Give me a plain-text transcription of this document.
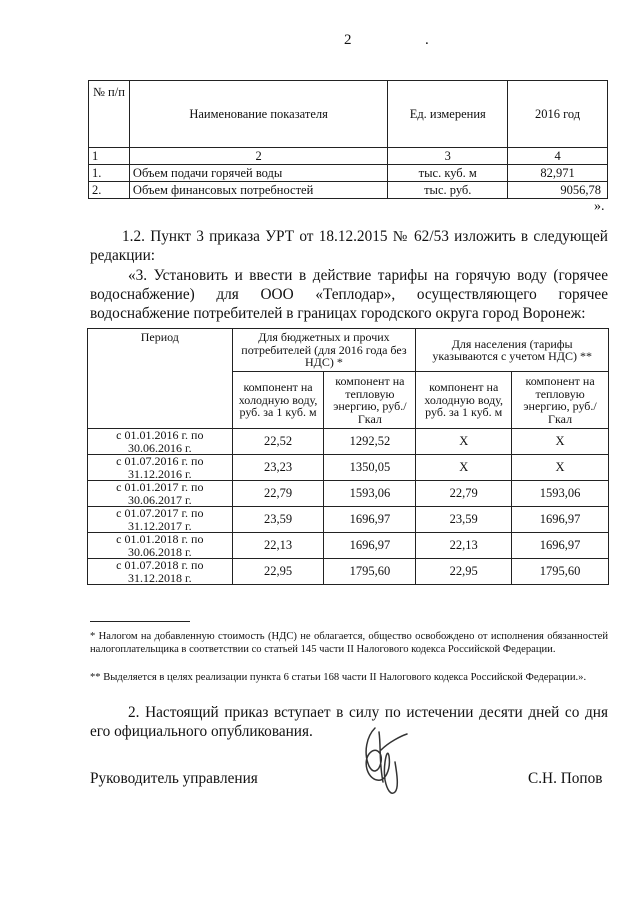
2	.
№ п/п	Наименование показателя	Ед. измерения	2016 год
1	2	3	4
1.	Объем подачи горячей воды	тыс. куб. м	82,971
2.	Объем финансовых потребностей	тыс. руб.	9056,78
».
1.2. Пункт 3 приказа УРТ от 18.12.2015 № 62/53 изложить в следующей редакции:
«3. Установить и ввести в действие тарифы на горячую воду (горячее водоснабжение) для ООО «Теплодар», осуществляющего горячее водоснабжение потребителей в границах городского округа город Воронеж:
Период	Для бюджетных и прочих потребителей (для 2016 года без НДС) *		Для населения (тарифы указываются с учетом НДС) **	
	компонент на холодную воду, руб. за 1 куб. м	компонент на тепловую энергию, руб./Гкал	компонент на холодную воду, руб. за 1 куб. м	компонент на тепловую энергию, руб./Гкал
с 01.01.2016 г. по 30.06.2016 г.	22,52	1292,52	X	X
с 01.07.2016 г. по 31.12.2016 г.	23,23	1350,05	X	X
с 01.01.2017 г. по 30.06.2017 г.	22,79	1593,06	22,79	1593,06
с 01.07.2017 г. по 31.12.2017 г.	23,59	1696,97	23,59	1696,97
с 01.01.2018 г. по 30.06.2018 г.	22,13	1696,97	22,13	1696,97
с 01.07.2018 г. по 31.12.2018 г.	22,95	1795,60	22,95	1795,60
* Налогом на добавленную стоимость (НДС) не облагается, общество освобождено от исполнения обязанностей налогоплательщика в соответствии со статьей 145 части II Налогового кодекса Российской Федерации.
** Выделяется в целях реализации пункта 6 статьи 168 части II Налогового кодекса Российской Федерации.».
2. Настоящий приказ вступает в силу по истечении десяти дней со дня его официального опубликования.
Руководитель управления	С.Н. Попов
